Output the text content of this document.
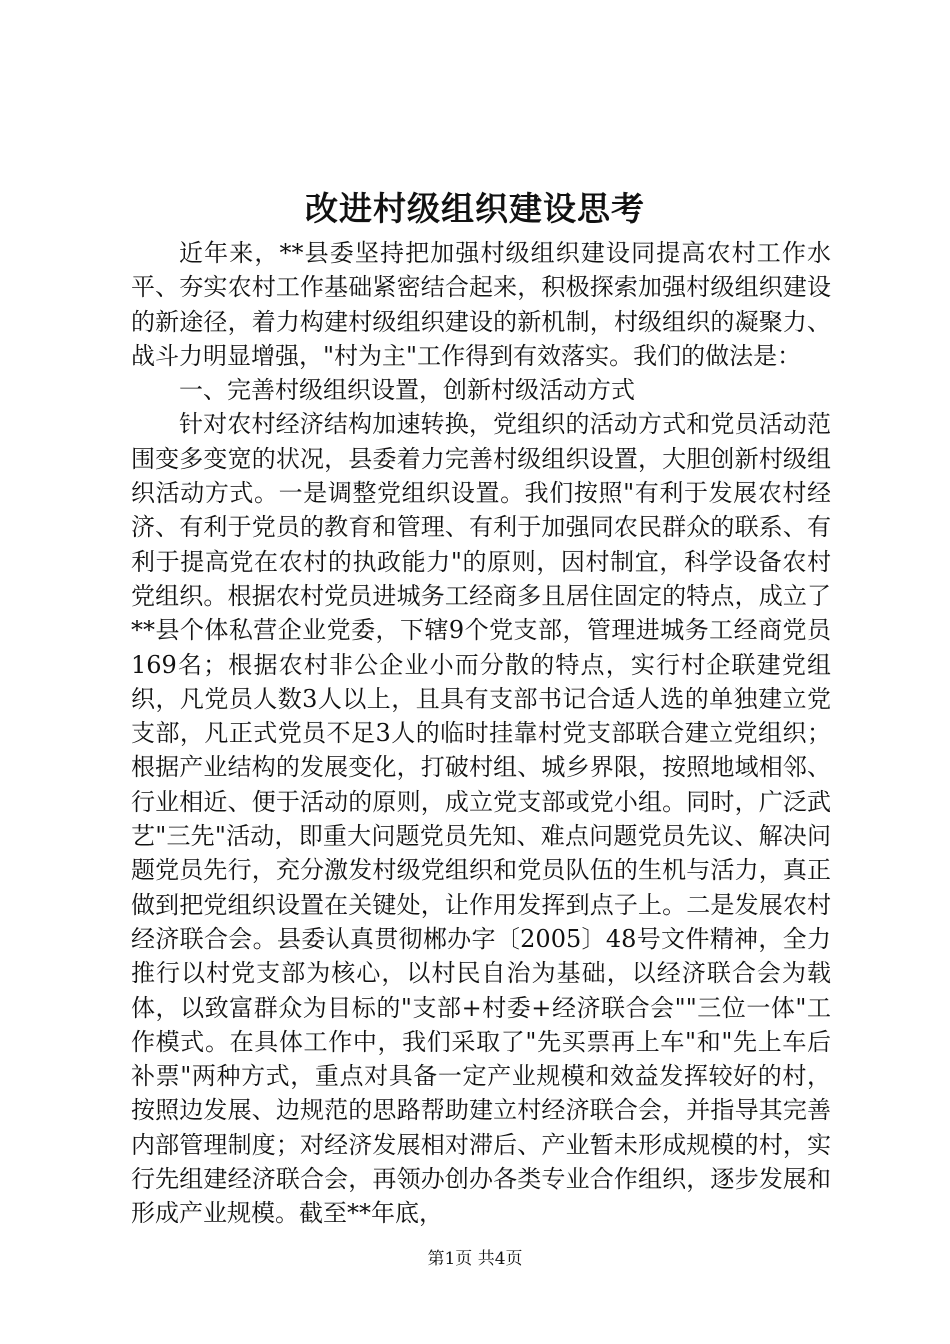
改进村级组织建设思考

近年来，**县委坚持把加强村级组织建设同提高农村工作水平、夯实农村工作基础紧密结合起来，积极探索加强村级组织建设的新途径，着力构建村级组织建设的新机制，村级组织的凝聚力、战斗力明显增强，"村为主"工作得到有效落实。我们的做法是：

一、完善村级组织设置，创新村级活动方式

针对农村经济结构加速转换，党组织的活动方式和党员活动范围变多变宽的状况，县委着力完善村级组织设置，大胆创新村级组织活动方式。一是调整党组织设置。我们按照"有利于发展农村经济、有利于党员的教育和管理、有利于加强同农民群众的联系、有利于提高党在农村的执政能力"的原则，因村制宜，科学设备农村党组织。根据农村党员进城务工经商多且居住固定的特点，成立了**县个体私营企业党委，下辖9个党支部，管理进城务工经商党员169名；根据农村非公企业小而分散的特点，实行村企联建党组织，凡党员人数3人以上，且具有支部书记合适人选的单独建立党支部，凡正式党员不足3人的临时挂靠村党支部联合建立党组织；根据产业结构的发展变化，打破村组、城乡界限，按照地域相邻、行业相近、便于活动的原则，成立党支部或党小组。同时，广泛武艺"三先"活动，即重大问题党员先知、难点问题党员先议、解决问题党员先行，充分激发村级党组织和党员队伍的生机与活力，真正做到把党组织设置在关键处，让作用发挥到点子上。二是发展农村经济联合会。县委认真贯彻郴办字〔2005〕48号文件精神，全力推行以村党支部为核心，以村民自治为基础，以经济联合会为载体，以致富群众为目标的"支部+村委+经济联合会""三位一体"工作模式。在具体工作中，我们采取了"先买票再上车"和"先上车后补票"两种方式，重点对具备一定产业规模和效益发挥较好的村，按照边发展、边规范的思路帮助建立村经济联合会，并指导其完善内部管理制度；对经济发展相对滞后、产业暂未形成规模的村，实行先组建经济联合会，再领办创办各类专业合作组织，逐步发展和形成产业规模。截至**年底，

第1页 共4页
